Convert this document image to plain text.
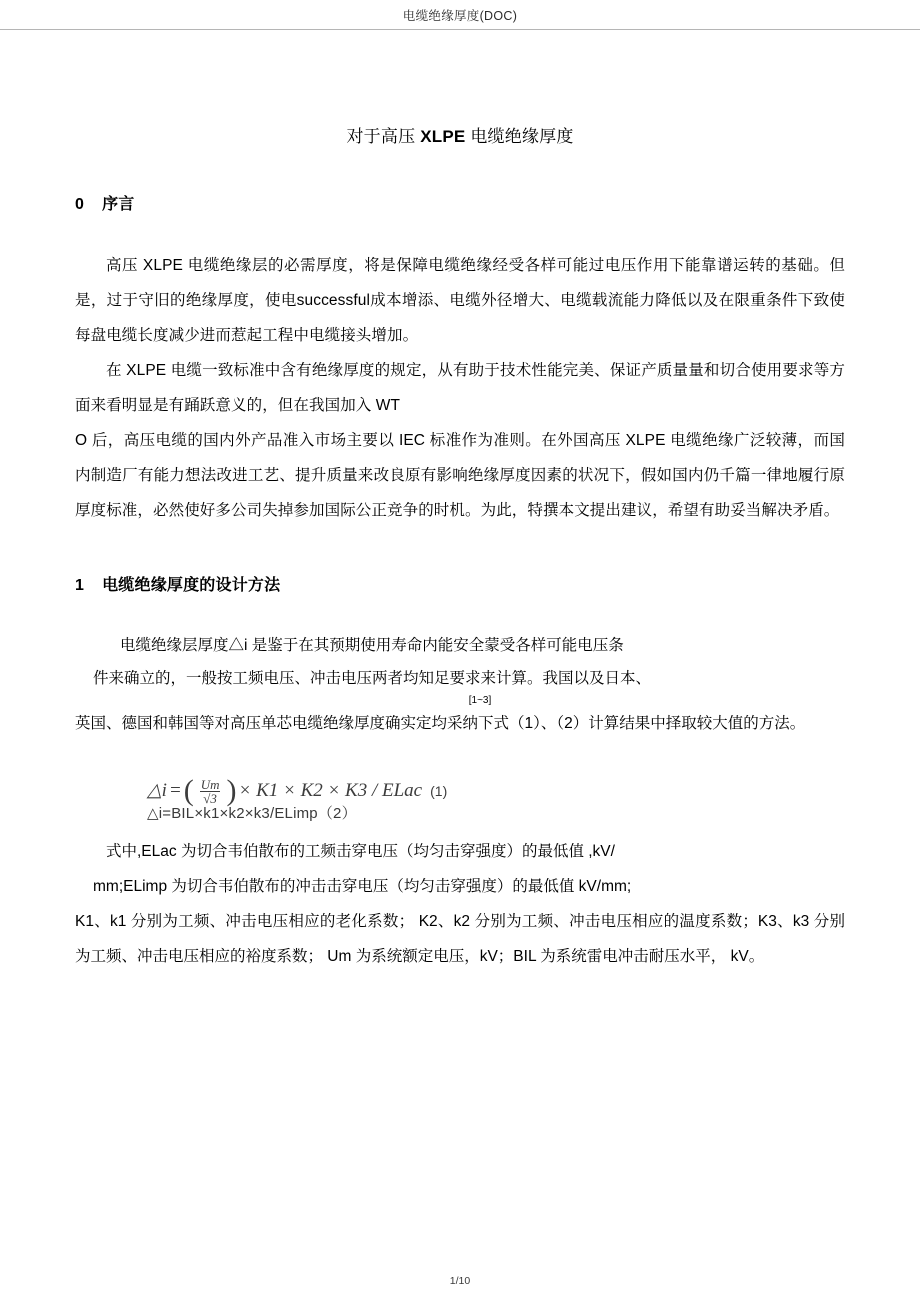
电缆绝缘厚度(DOC)
对于高压 XLPE 电缆绝缘厚度
0 序言

高压 XLPE 电缆绝缘层的必需厚度，将是保障电缆绝缘经受各样可能过电压作用下能靠谱运转的基础。但是，过于守旧的绝缘厚度，使电successful成本增添、电缆外径增大、电缆载流能力降低以及在限重条件下致使每盘电缆长度减少进而惹起工程中电缆接头增加。

在 XLPE 电缆一致标准中含有绝缘厚度的规定，从有助于技术性能完美、保证产质量量和切合使用要求等方面来看明显是有踊跃意义的，但在我国加入 WT

O 后，高压电缆的国内外产品准入市场主要以 IEC 标准作为准则。在外国高压 XLPE 电缆绝缘广泛较薄，而国内制造厂有能力想法改进工艺、提升质量来改良原有影响绝缘厚度因素的状况下，假如国内仍千篇一律地履行原厚度标准，必然使好多公司失掉参加国际公正竞争的时机。为此，特撰本文提出建议，希望有助妥当解决矛盾。

1 电缆绝缘厚度的设计方法

电缆绝缘层厚度△i 是鉴于在其预期使用寿命内能安全蒙受各样可能电压条

件来确立的，一般按工频电压、冲击电压两者均知足要求来计算。我国以及日本、

[1~3]

英国、德国和韩国等对高压单芯电缆绝缘厚度确实定均采纳下式（1）、（2）计算结果中择取较大值的方法。

△i = ( $\frac{Um}{√3}$ ) × K1 × K2 × K3 / ELac (1)
△i=BIL×k1×k2×k3/ELimp（2）

式中,ELac 为切合韦伯散布的工频击穿电压（均匀击穿强度）的最低值 ,kV/

mm;ELimp 为切合韦伯散布的冲击击穿电压（均匀击穿强度）的最低值 kV/mm;

K1、k1 分别为工频、冲击电压相应的老化系数； K2、k2 分别为工频、冲击电压相应的温度系数；K3、k3 分别为工频、冲击电压相应的裕度系数； Um 为系统额定电压，kV；BIL 为系统雷电冲击耐压水平， kV。

1/10
